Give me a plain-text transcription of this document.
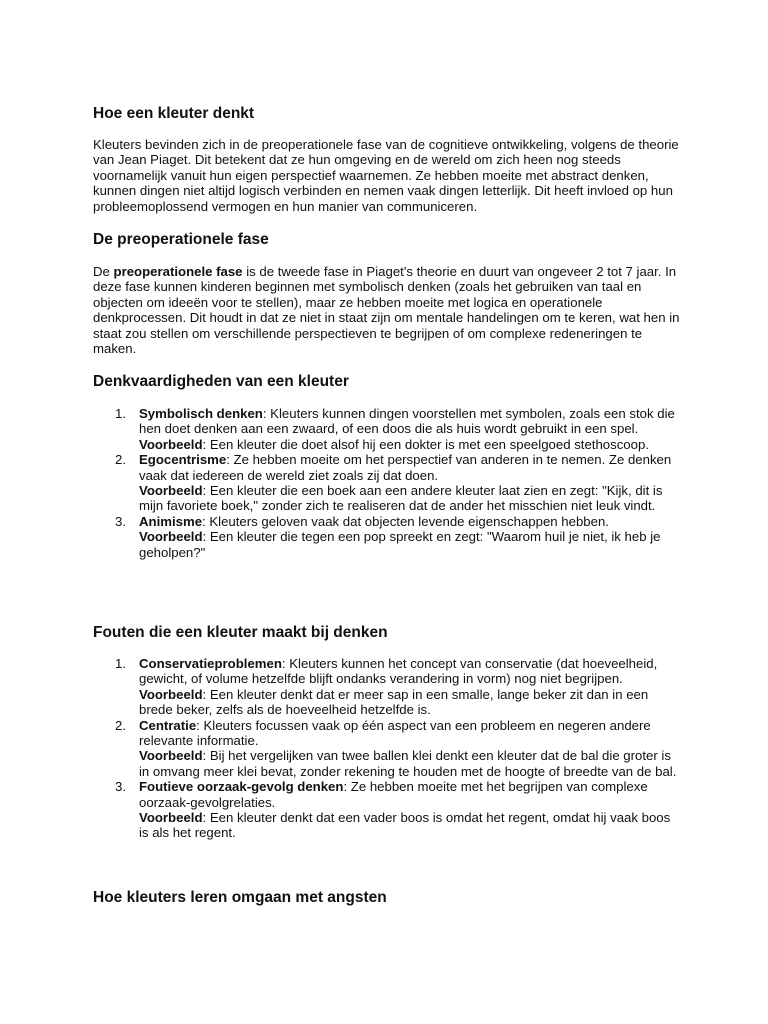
Hoe een kleuter denkt

Kleuters bevinden zich in de preoperationele fase van de cognitieve ontwikkeling, volgens de theorie van Jean Piaget. Dit betekent dat ze hun omgeving en de wereld om zich heen nog steeds voornamelijk vanuit hun eigen perspectief waarnemen. Ze hebben moeite met abstract denken, kunnen dingen niet altijd logisch verbinden en nemen vaak dingen letterlijk. Dit heeft invloed op hun probleemoplossend vermogen en hun manier van communiceren.

De preoperationele fase

De preoperationele fase is de tweede fase in Piaget's theorie en duurt van ongeveer 2 tot 7 jaar. In deze fase kunnen kinderen beginnen met symbolisch denken (zoals het gebruiken van taal en objecten om ideeën voor te stellen), maar ze hebben moeite met logica en operationele denkprocessen. Dit houdt in dat ze niet in staat zijn om mentale handelingen om te keren, wat hen in staat zou stellen om verschillende perspectieven te begrijpen of om complexe redeneringen te maken.

Denkvaardigheden van een kleuter
1. Symbolisch denken: Kleuters kunnen dingen voorstellen met symbolen, zoals een stok die hen doet denken aan een zwaard, of een doos die als huis wordt gebruikt in een spel.
Voorbeeld: Een kleuter die doet alsof hij een dokter is met een speelgoed stethoscoop.
2. Egocentrisme: Ze hebben moeite om het perspectief van anderen in te nemen. Ze denken vaak dat iedereen de wereld ziet zoals zij dat doen.
Voorbeeld: Een kleuter die een boek aan een andere kleuter laat zien en zegt: "Kijk, dit is mijn favoriete boek," zonder zich te realiseren dat de ander het misschien niet leuk vindt.
3. Animisme: Kleuters geloven vaak dat objecten levende eigenschappen hebben.
Voorbeeld: Een kleuter die tegen een pop spreekt en zegt: "Waarom huil je niet, ik heb je geholpen?"
Fouten die een kleuter maakt bij denken
1. Conservatieproblemen: Kleuters kunnen het concept van conservatie (dat hoeveelheid, gewicht, of volume hetzelfde blijft ondanks verandering in vorm) nog niet begrijpen.
Voorbeeld: Een kleuter denkt dat er meer sap in een smalle, lange beker zit dan in een brede beker, zelfs als de hoeveelheid hetzelfde is.
2. Centratie: Kleuters focussen vaak op één aspect van een probleem en negeren andere relevante informatie.
Voorbeeld: Bij het vergelijken van twee ballen klei denkt een kleuter dat de bal die groter is in omvang meer klei bevat, zonder rekening te houden met de hoogte of breedte van de bal.
3. Foutieve oorzaak-gevolg denken: Ze hebben moeite met het begrijpen van complexe oorzaak-gevolgrelaties.
Voorbeeld: Een kleuter denkt dat een vader boos is omdat het regent, omdat hij vaak boos is als het regent.
Hoe kleuters leren omgaan met angsten
